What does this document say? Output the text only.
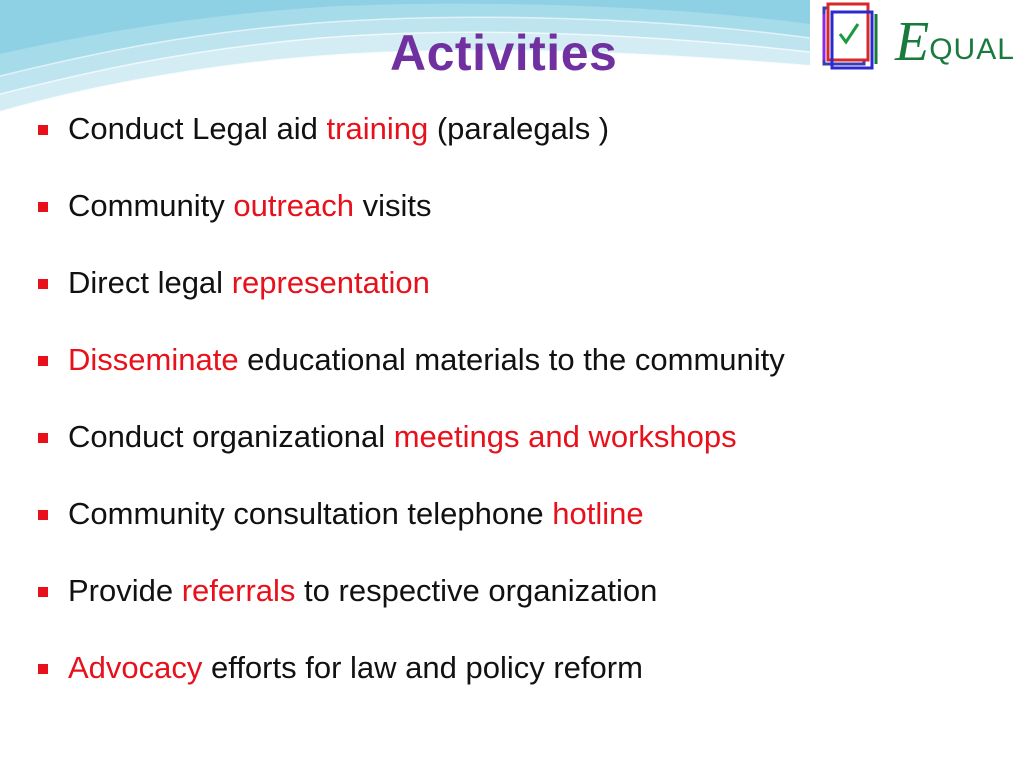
Activities	EQUAL
Conduct Legal aid training (paralegals )
Community outreach visits
Direct legal representation
Disseminate educational materials to the community
Conduct organizational meetings and workshops
Community consultation telephone hotline
Provide referrals to respective organization
Advocacy efforts for law and policy reform
